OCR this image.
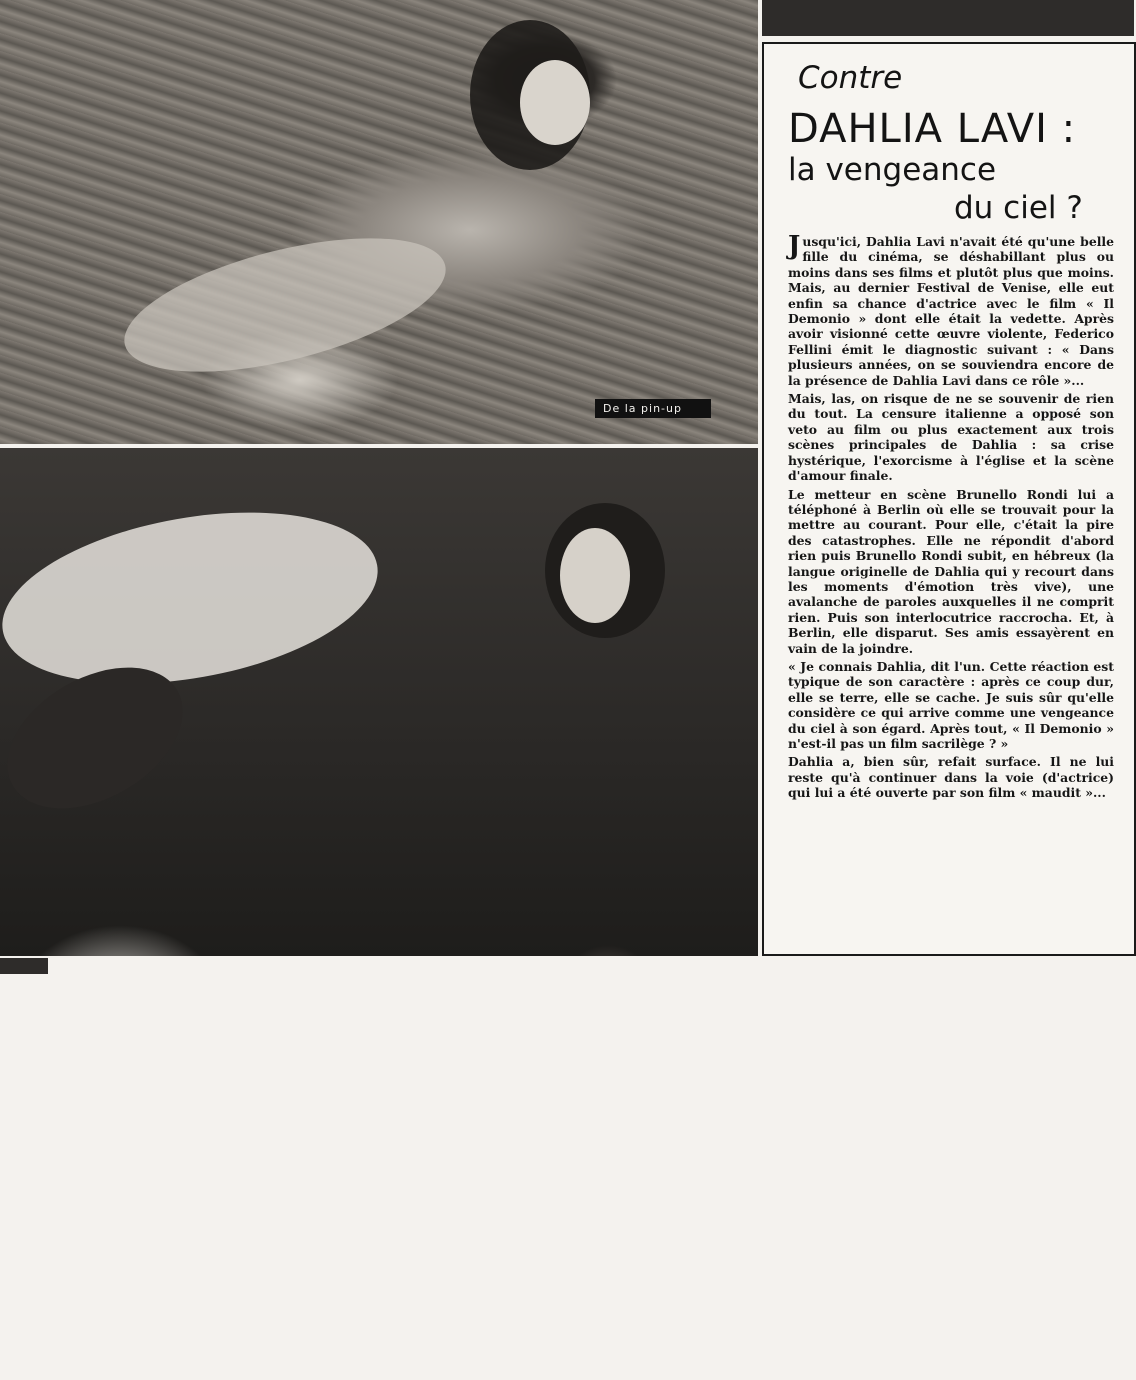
De la pin-up
à la comédienne.
Contre
DAHLIA LAVI :
la vengeance
du ciel ?

Jusqu'ici, Dahlia Lavi n'avait été qu'une belle fille du cinéma, se déshabillant plus ou moins dans ses films et plutôt plus que moins. Mais, au dernier Festival de Venise, elle eut enfin sa chance d'actrice avec le film « Il Demonio » dont elle était la vedette. Après avoir visionné cette œuvre violente, Federico Fellini émit le diagnostic suivant : « Dans plusieurs années, on se souviendra encore de la présence de Dahlia Lavi dans ce rôle »...

Mais, las, on risque de ne se souvenir de rien du tout. La censure italienne a opposé son veto au film ou plus exactement aux trois scènes principales de Dahlia : sa crise hystérique, l'exorcisme à l'église et la scène d'amour finale.

Le metteur en scène Brunello Rondi lui a téléphoné à Berlin où elle se trouvait pour la mettre au courant. Pour elle, c'était la pire des catastrophes. Elle ne répondit d'abord rien puis Brunello Rondi subit, en hébreux (la langue originelle de Dahlia qui y recourt dans les moments d'émotion très vive), une avalanche de paroles auxquelles il ne comprit rien. Puis son interlocutrice raccrocha. Et, à Berlin, elle disparut. Ses amis essayèrent en vain de la joindre.

« Je connais Dahlia, dit l'un. Cette réaction est typique de son caractère : après ce coup dur, elle se terre, elle se cache. Je suis sûr qu'elle considère ce qui arrive comme une vengeance du ciel à son égard. Après tout, « Il Demonio » n'est-il pas un film sacrilège ? »

Dahlia a, bien sûr, refait surface. Il ne lui reste qu'à continuer dans la voie (d'actrice) qui lui a été ouverte par son film « maudit »...
